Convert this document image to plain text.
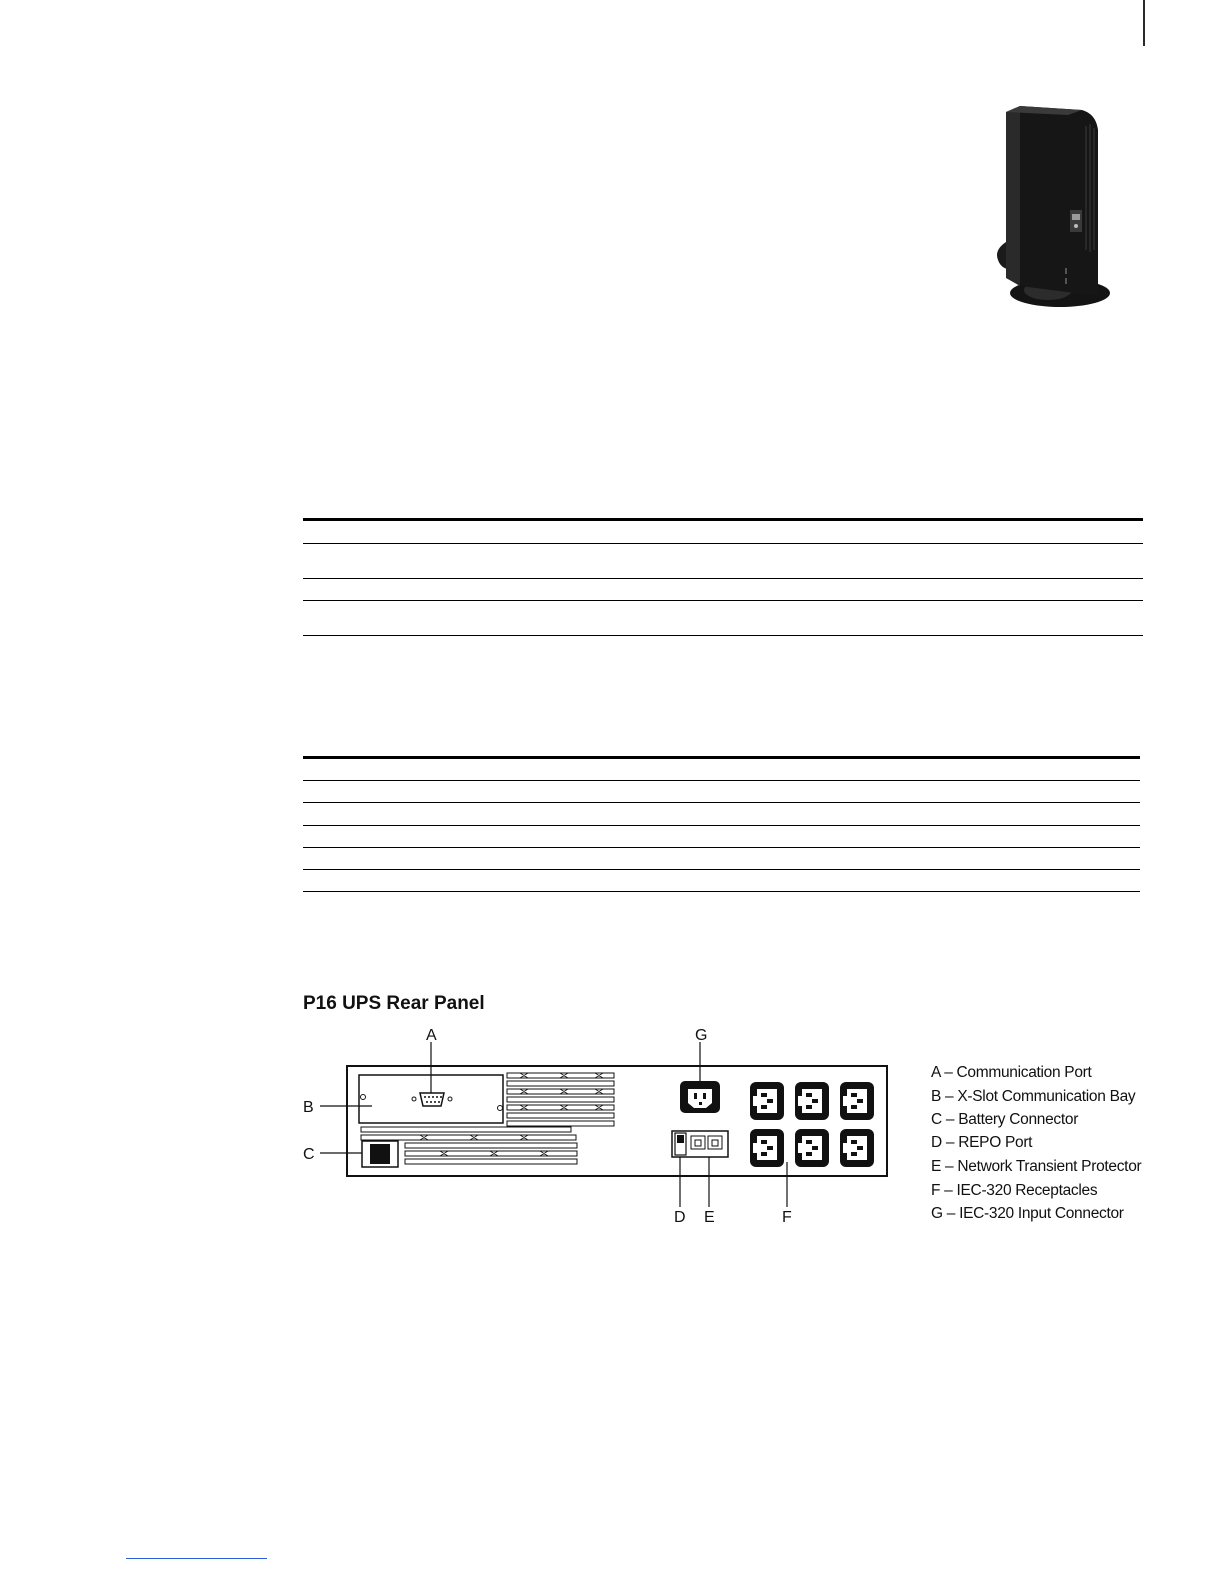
P16 UPS Rear Panel
A
B
C
D E	F
G
A – Communication Port
B – X-Slot Communication Bay
C – Battery Connector
D – REPO Port
E – Network Transient Protector
F – IEC-320 Receptacles
G – IEC-320 Input Connector
